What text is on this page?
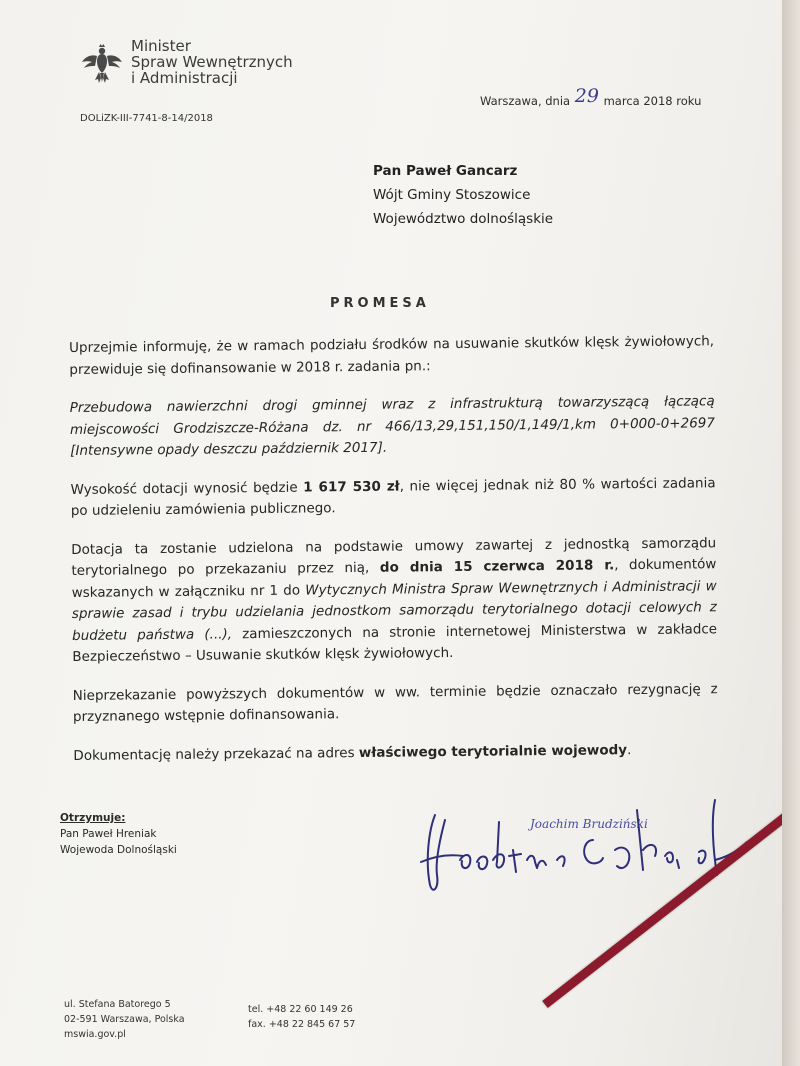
Minister
Spraw Wewnętrznych
i Administracji
Warszawa, dnia 29 marca 2018 roku
DOLiZK-III-7741-8-14/2018
Pan Paweł Gancarz
Wójt Gminy Stoszowice
Województwo dolnośląskie
PROMESA

Uprzejmie informuję, że w ramach podziału środków na usuwanie skutków klęsk żywiołowych, przewiduje się dofinansowanie w 2018 r. zadania pn.:

Przebudowa nawierzchni drogi gminnej wraz z infrastrukturą towarzyszącą łączącą miejscowości Grodziszcze-Różana dz. nr 466/13,29,151,150/1,149/1,km 0+000-0+2697 [Intensywne opady deszczu październik 2017].

Wysokość dotacji wynosić będzie 1 617 530 zł, nie więcej jednak niż 80 % wartości zadania po udzieleniu zamówienia publicznego.

Dotacja ta zostanie udzielona na podstawie umowy zawartej z jednostką samorządu terytorialnego po przekazaniu przez nią, do dnia 15 czerwca 2018 r., dokumentów wskazanych w załączniku nr 1 do Wytycznych Ministra Spraw Wewnętrznych i Administracji w sprawie zasad i trybu udzielania jednostkom samorządu terytorialnego dotacji celowych z budżetu państwa (...), zamieszczonych na stronie internetowej Ministerstwa w zakładce Bezpieczeństwo – Usuwanie skutków klęsk żywiołowych.

Nieprzekazanie powyższych dokumentów w ww. terminie będzie oznaczało rezygnację z przyznanego wstępnie dofinansowania.

Dokumentację należy przekazać na adres właściwego terytorialnie wojewody.

Otrzymuje:
Pan Paweł Hreniak
Wojewoda Dolnośląski
Joachim Brudziński
ul. Stefana Batorego 5
02-591 Warszawa, Polska
mswia.gov.pl
tel. +48 22 60 149 26
fax. +48 22 845 67 57
